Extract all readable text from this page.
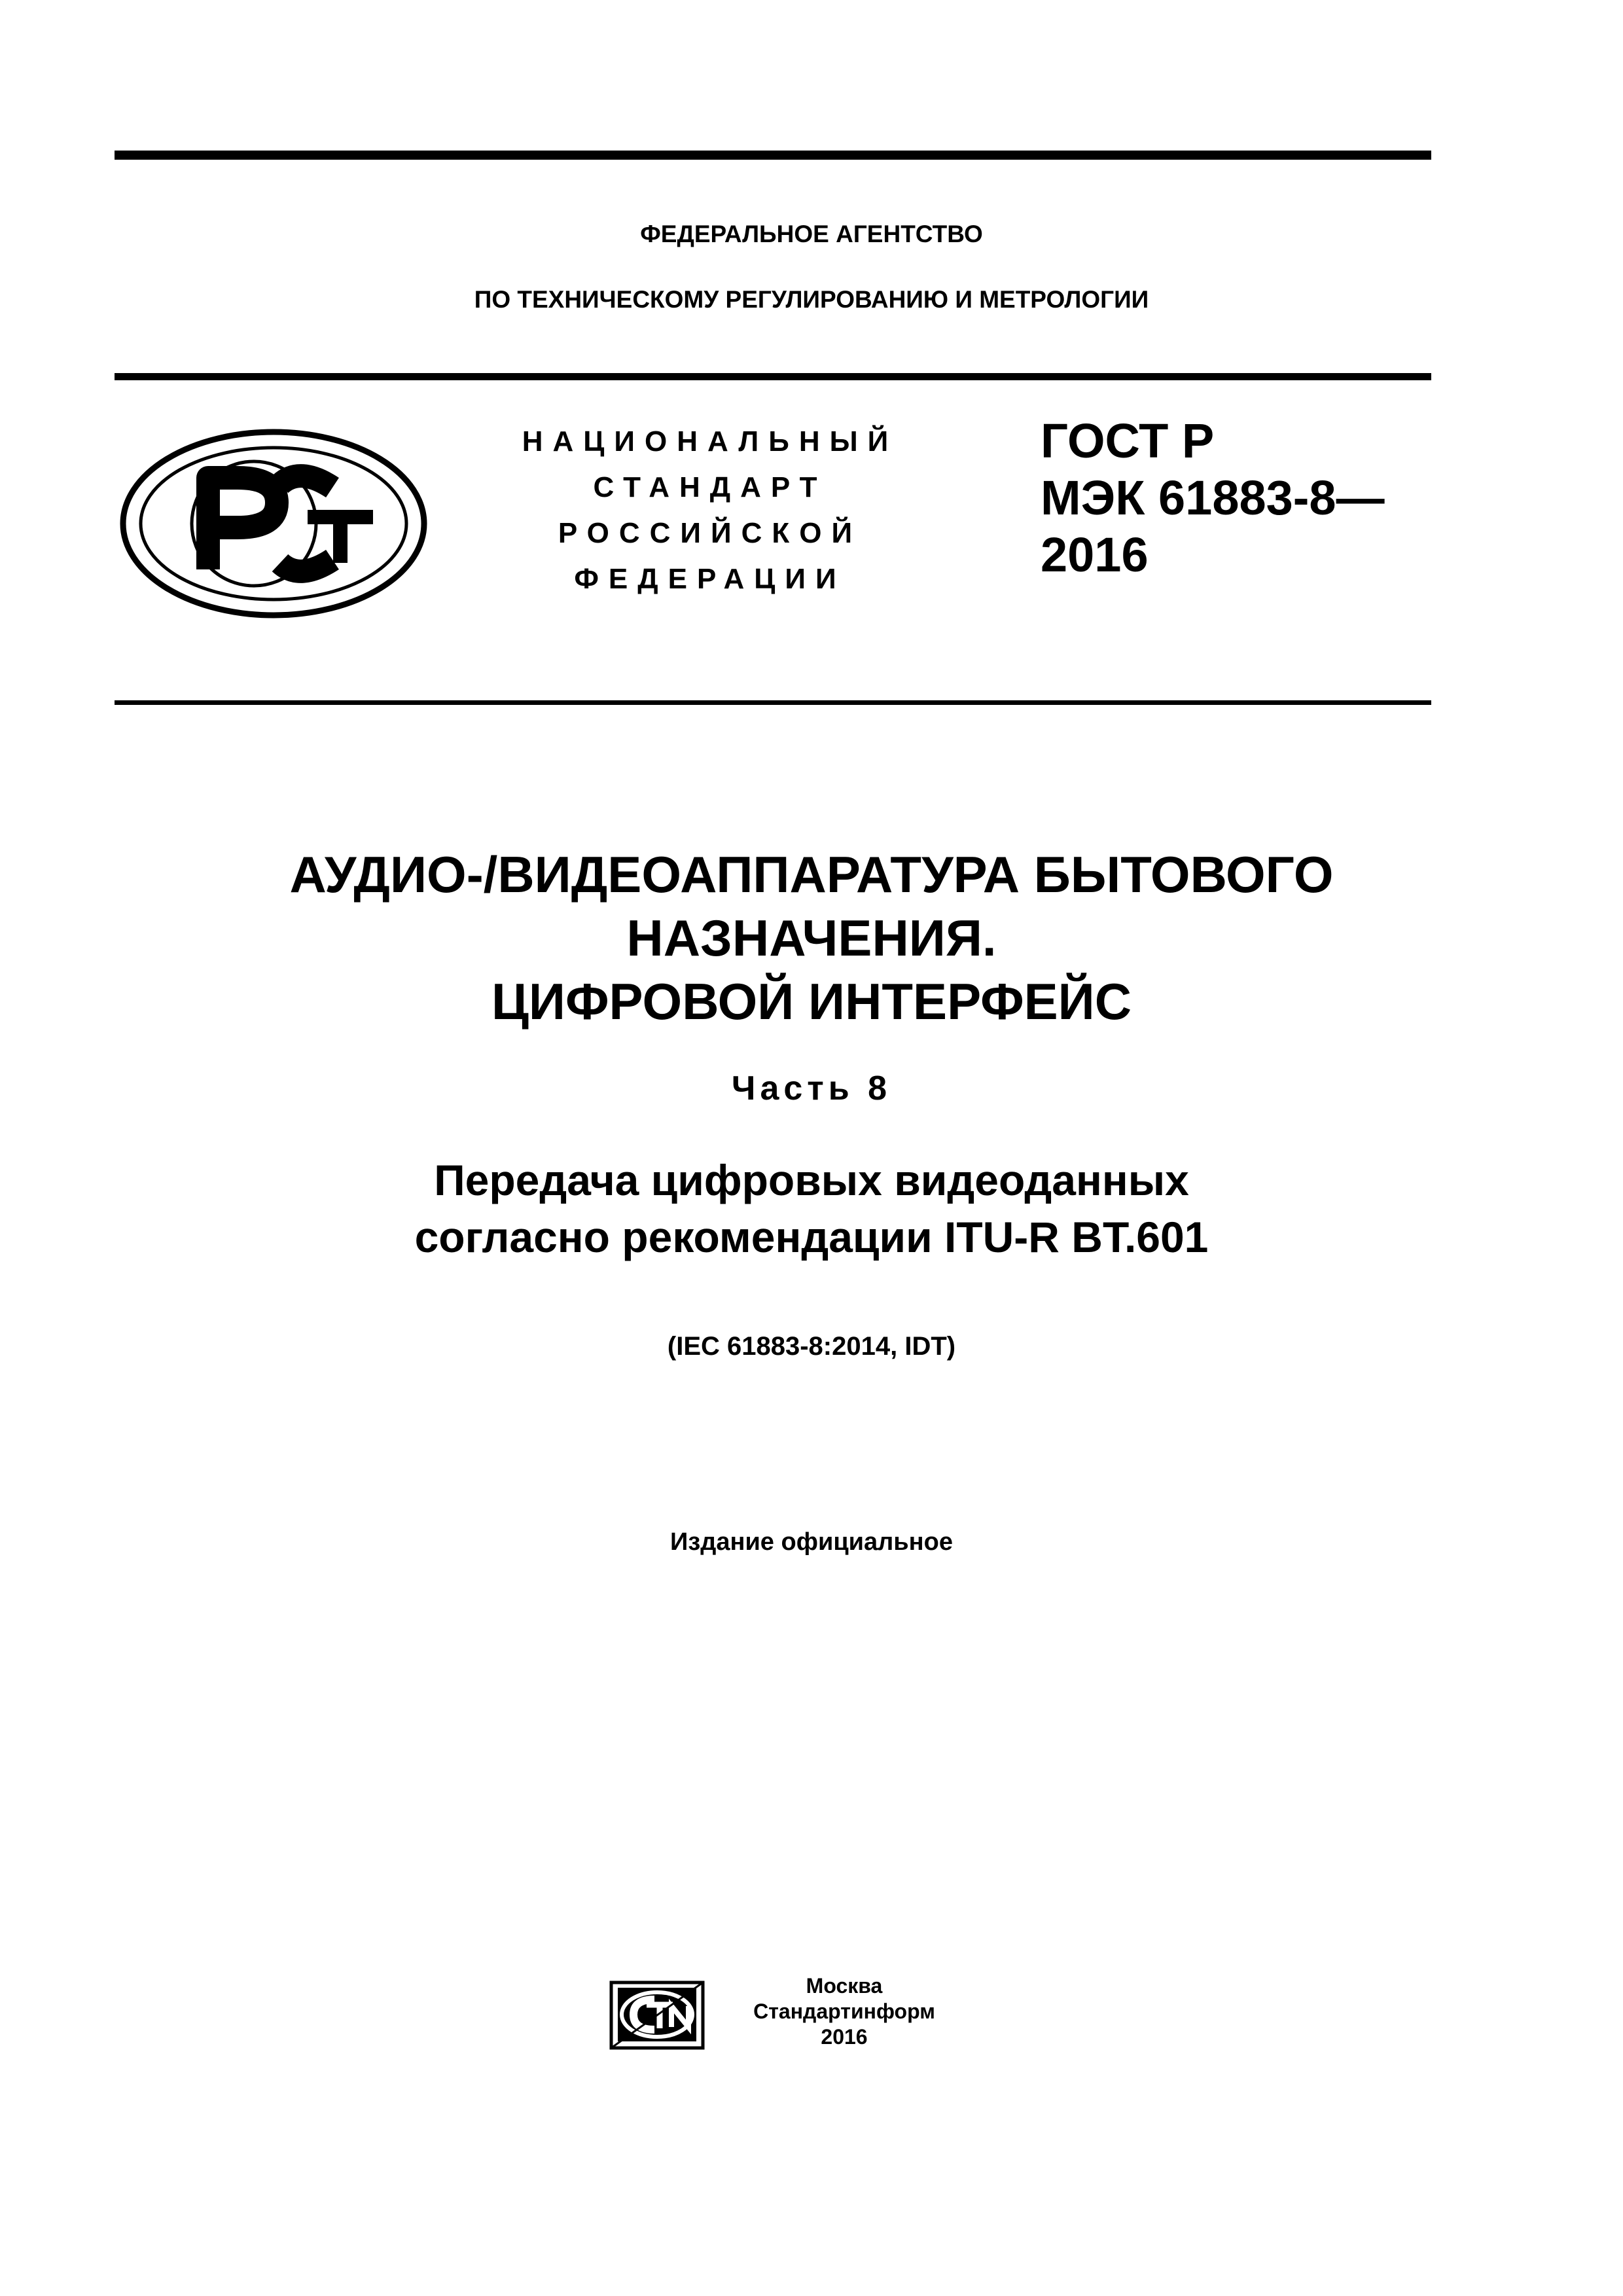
ФЕДЕРАЛЬНОЕ АГЕНТСТВО
ПО ТЕХНИЧЕСКОМУ РЕГУЛИРОВАНИЮ И МЕТРОЛОГИИ
НАЦИОНАЛЬНЫЙ
СТАНДАРТ
РОССИЙСКОЙ
ФЕДЕРАЦИИ
ГОСТ Р
МЭК 61883-8—
2016
АУДИО-/ВИДЕОАППАРАТУРА БЫТОВОГО
НАЗНАЧЕНИЯ.
ЦИФРОВОЙ ИНТЕРФЕЙС
Часть 8
Передача цифровых видеоданных
согласно рекомендации ITU-R BT.601
(IEC 61883-8:2014, IDT)
Издание официальное
Москва
Стандартинформ
2016
